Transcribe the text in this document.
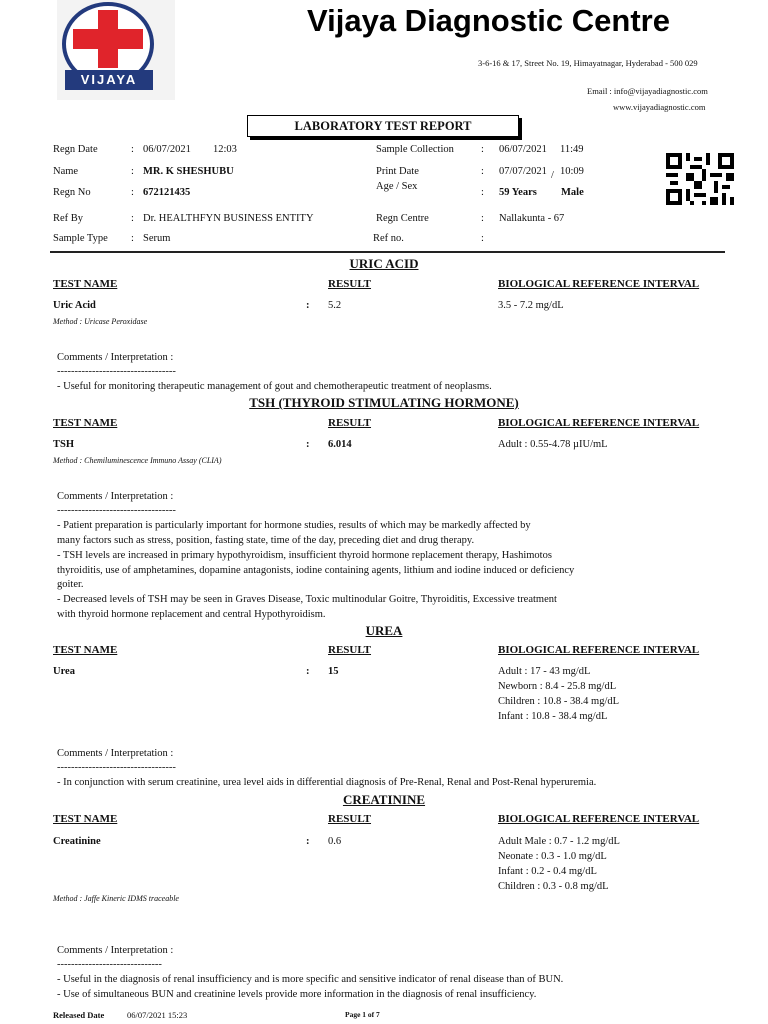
VIJAYA
Vijaya Diagnostic Centre
3-6-16 & 17, Street No. 19, Himayatnagar, Hyderabad - 500 029
Email : info@vijayadiagnostic.com
www.vijayadiagnostic.com
LABORATORY TEST REPORT
Regn Date	: 06/07/2021 12:03
Name	: MR. K SHESHUBU
Regn No	: 672121435
Ref By	: Dr. HEALTHFYN BUSINESS ENTITY
Sample Type : Serum
Sample Collection	: 06/07/2021 11:49
Print Date	: 07/07/2021 / 10:09
Age / Sex
: 59 Years Male
Regn Centre	: Nallakunta - 67
Ref no.	:
URIC ACID
TEST NAME	RESULT	BIOLOGICAL REFERENCE INTERVAL
Uric Acid	: 5.2	3.5 - 7.2 mg/dL
Method : Uricase Peroxidase
Comments / Interpretation :
----------------------------------
- Useful for monitoring therapeutic management of gout and chemotherapeutic treatment of neoplasms.
TSH (THYROID STIMULATING HORMONE)
TEST NAME	RESULT	BIOLOGICAL REFERENCE INTERVAL
TSH	: 6.014	Adult : 0.55-4.78 µIU/mL
Method : Chemiluminescence Immuno Assay (CLIA)
Comments / Interpretation :
----------------------------------
- Patient preparation is particularly important for hormone studies, results of which may be markedly affected by
many factors such as stress, position, fasting state, time of the day, preceding diet and drug therapy.
- TSH levels are increased in primary hypothyroidism, insufficient thyroid hormone replacement therapy, Hashimotos
thyroiditis, use of amphetamines, dopamine antagonists, iodine containing agents, lithium and iodine induced or deficiency
goiter.
- Decreased levels of TSH may be seen in Graves Disease, Toxic multinodular Goitre, Thyroiditis, Excessive treatment
with thyroid hormone replacement and central Hypothyroidism.
UREA
TEST NAME	RESULT	BIOLOGICAL REFERENCE INTERVAL
Urea	: 15	Adult : 17 - 43 mg/dL
Newborn : 8.4 - 25.8 mg/dL
Children : 10.8 - 38.4 mg/dL
Infant : 10.8 - 38.4 mg/dL
Comments / Interpretation :
----------------------------------
- In conjunction with serum creatinine, urea level aids in differential diagnosis of Pre-Renal, Renal and Post-Renal hyperuremia.
CREATININE
TEST NAME	RESULT	BIOLOGICAL REFERENCE INTERVAL
Creatinine	: 0.6	Adult Male : 0.7 - 1.2 mg/dL
Neonate : 0.3 - 1.0 mg/dL
Infant : 0.2 - 0.4 mg/dL
Children : 0.3 - 0.8 mg/dL
Method : Jaffe Kineric IDMS traceable
Comments / Interpretation :
------------------------------
- Useful in the diagnosis of renal insufficiency and is more specific and sensitive indicator of renal disease than of BUN.
- Use of simultaneous BUN and creatinine levels provide more information in the diagnosis of renal insufficiency.
Released Date	06/07/2021 15:23	Page 1 of 7
